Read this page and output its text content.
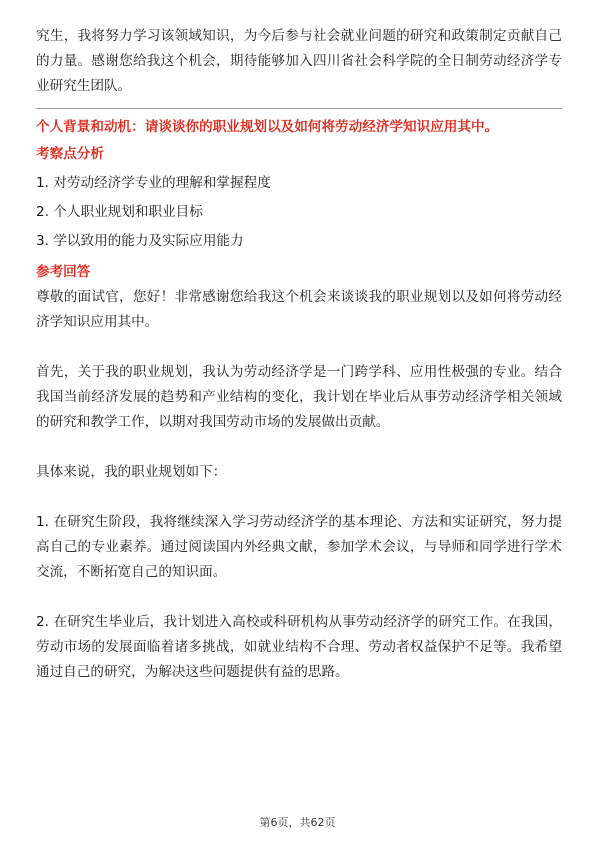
究生，我将努力学习该领域知识，为今后参与社会就业问题的研究和政策制定贡献自己的力量。感谢您给我这个机会，期待能够加入四川省社会科学院的全日制劳动经济学专业研究生团队。

个人背景和动机：请谈谈你的职业规划以及如何将劳动经济学知识应用其中。
考察点分析
1. 对劳动经济学专业的理解和掌握程度
2. 个人职业规划和职业目标
3. 学以致用的能力及实际应用能力
参考回答

尊敬的面试官，您好！非常感谢您给我这个机会来谈谈我的职业规划以及如何将劳动经济学知识应用其中。

首先，关于我的职业规划，我认为劳动经济学是一门跨学科、应用性极强的专业。结合我国当前经济发展的趋势和产业结构的变化，我计划在毕业后从事劳动经济学相关领域的研究和教学工作，以期对我国劳动市场的发展做出贡献。

具体来说，我的职业规划如下：

1. 在研究生阶段，我将继续深入学习劳动经济学的基本理论、方法和实证研究，努力提高自己的专业素养。通过阅读国内外经典文献，参加学术会议，与导师和同学进行学术交流，不断拓宽自己的知识面。

2. 在研究生毕业后，我计划进入高校或科研机构从事劳动经济学的研究工作。在我国，劳动市场的发展面临着诸多挑战，如就业结构不合理、劳动者权益保护不足等。我希望通过自己的研究，为解决这些问题提供有益的思路。

第6页，共62页
